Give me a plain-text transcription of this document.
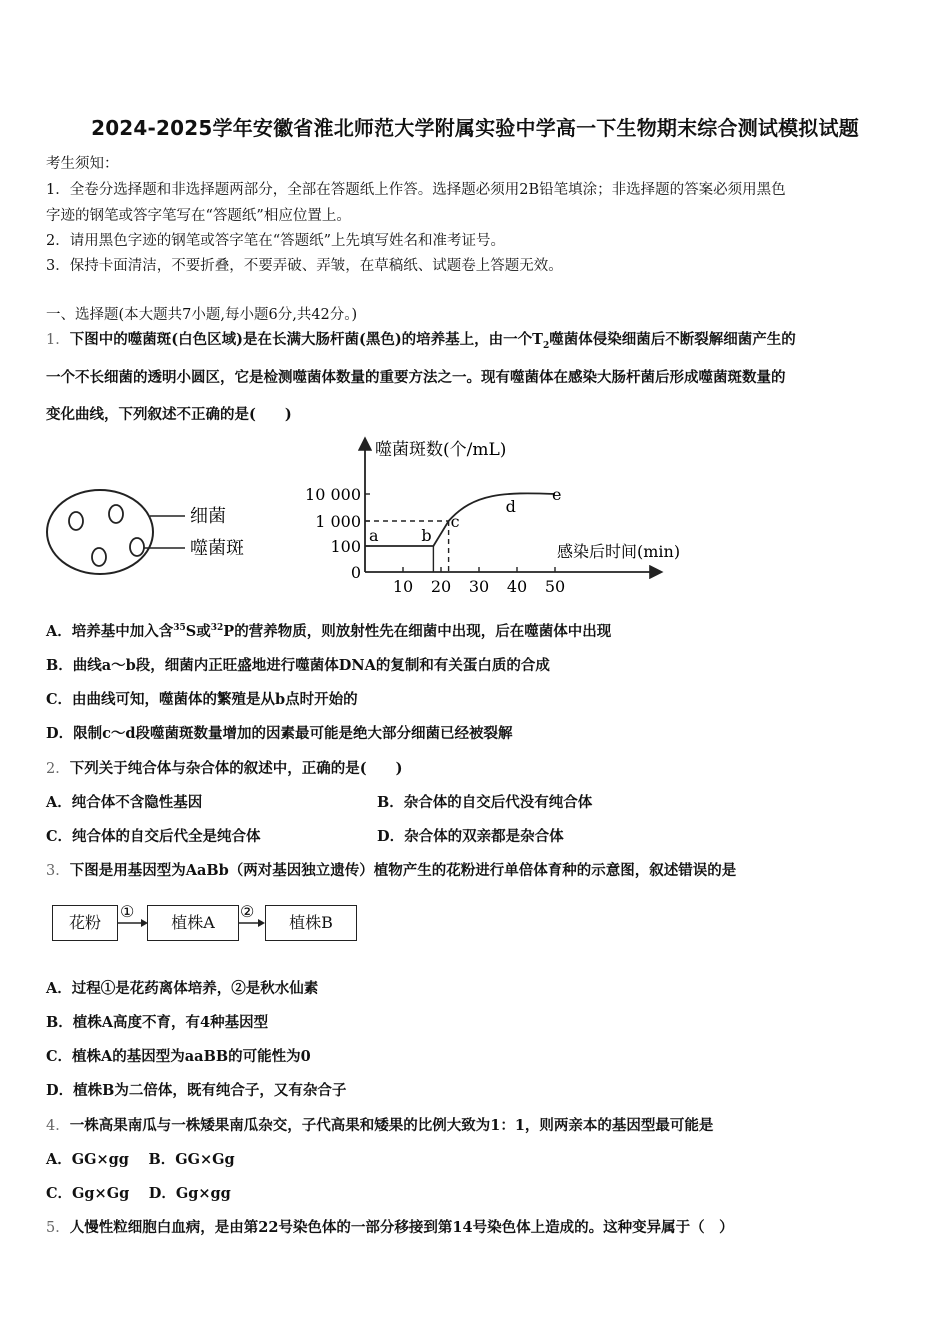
2024-2025学年安徽省淮北师范大学附属实验中学高一下生物期末综合测试模拟试题
考生须知：
1．全卷分选择题和非选择题两部分，全部在答题纸上作答。选择题必须用2B铅笔填涂；非选择题的答案必须用黑色
字迹的钢笔或答字笔写在“答题纸”相应位置上。
2．请用黑色字迹的钢笔或答字笔在“答题纸”上先填写姓名和准考证号。
3．保持卡面清洁，不要折叠，不要弄破、弄皱，在草稿纸、试题卷上答题无效。
一、选择题(本大题共7小题,每小题6分,共42分。)
1．下图中的噬菌斑(白色区域)是在长满大肠杆菌(黑色)的培养基上，由一个$T_2$噬菌体侵染细菌后不断裂解细菌产生的
一个不长细菌的透明小圆区，它是检测噬菌体数量的重要方法之一。现有噬菌体在感染大肠杆菌后形成噬菌斑数量的
变化曲线，下列叙述不正确的是(　　)
细菌
噬菌斑
噬菌斑数(个/mL)
感染后时间(min)
10 20 30 40 50
0
100
1 000
10 000
a	b
c
d
e
A．培养基中加入含$^{35}$S或$^{32}$P的营养物质，则放射性先在细菌中出现，后在噬菌体中出现
B．曲线a～b段，细菌内正旺盛地进行噬菌体DNA的复制和有关蛋白质的合成
C．由曲线可知，噬菌体的繁殖是从b点时开始的
D．限制c～d段噬菌斑数量增加的因素最可能是绝大部分细菌已经被裂解
2．下列关于纯合体与杂合体的叙述中，正确的是(　　)
A．纯合体不含隐性基因	B．杂合体的自交后代没有纯合体
C．纯合体的自交后代全是纯合体	D．杂合体的双亲都是杂合体
3．下图是用基因型为AaBb（两对基因独立遗传）植物产生的花粉进行单倍体育种的示意图，叙述错误的是
花粉	植株A	植株B
①	②
A．过程①是花药离体培养，②是秋水仙素
B．植株A高度不育，有4种基因型
C．植株A的基因型为aaBB的可能性为0
D．植株B为二倍体，既有纯合子，又有杂合子
4．一株高果南瓜与一株矮果南瓜杂交，子代高果和矮果的比例大致为1：1，则两亲本的基因型最可能是
A．GG×gg　 B．GG×Gg
C．Gg×Gg　 D．Gg×gg
5．人慢性粒细胞白血病，是由第22号染色体的一部分移接到第14号染色体上造成的。这种变异属于（　）
